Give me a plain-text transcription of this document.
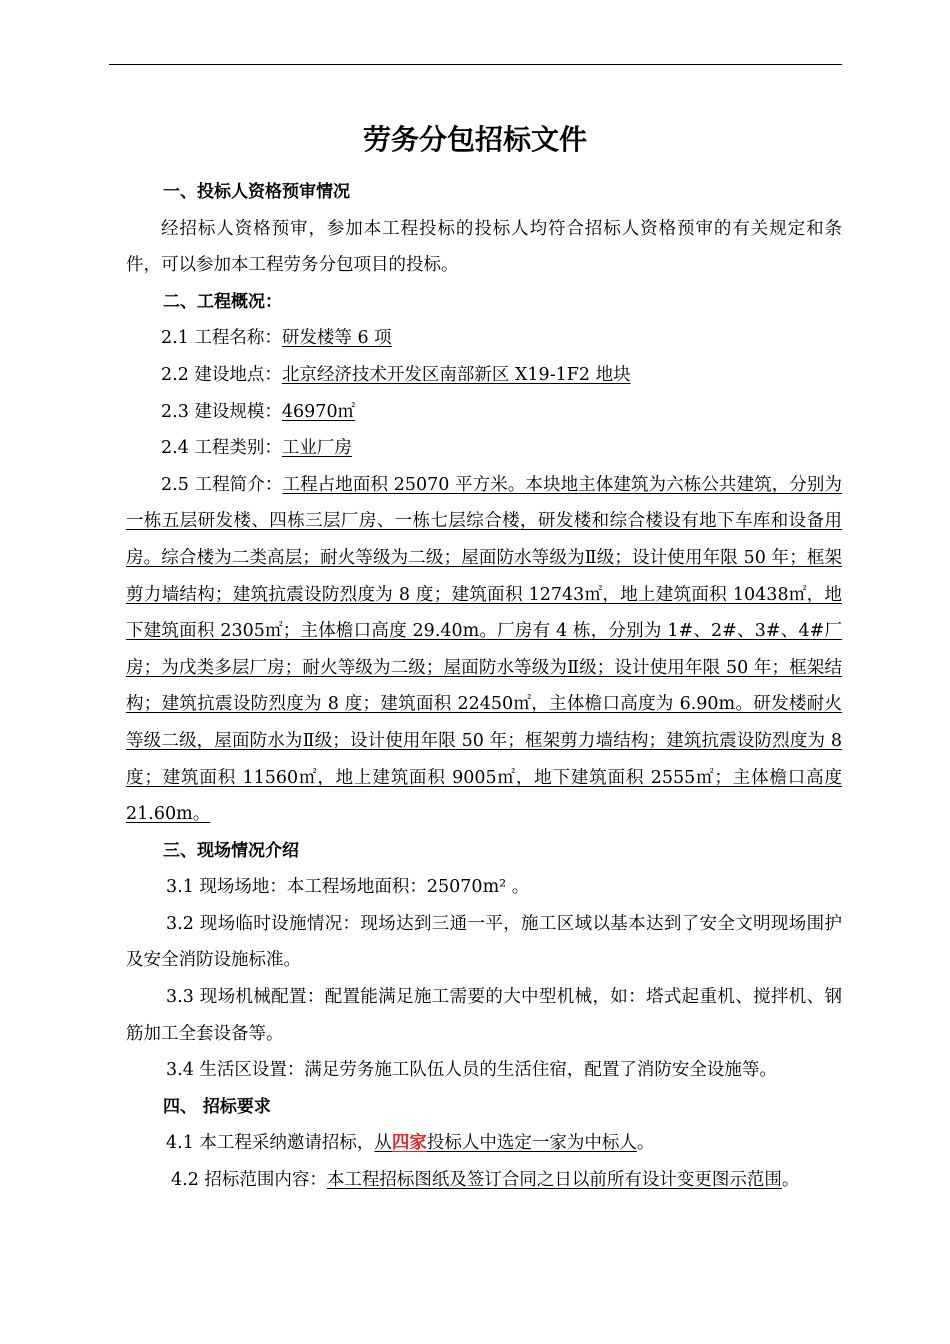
劳务分包招标文件

一、投标人资格预审情况

经招标人资格预审，参加本工程投标的投标人均符合招标人资格预审的有关规定和条件，可以参加本工程劳务分包项目的投标。

二、工程概况：

2.1 工程名称：研发楼等 6 项

2.2 建设地点：北京经济技术开发区南部新区 X19-1F2 地块

2.3 建设规模：46970㎡

2.4 工程类别：工业厂房

2.5 工程简介：工程占地面积 25070 平方米。本块地主体建筑为六栋公共建筑，分别为一栋五层研发楼、四栋三层厂房、一栋七层综合楼，研发楼和综合楼设有地下车库和设备用房。综合楼为二类高层；耐火等级为二级；屋面防水等级为Ⅱ级；设计使用年限 50 年；框架剪力墙结构；建筑抗震设防烈度为 8 度；建筑面积 12743㎡，地上建筑面积 10438㎡，地下建筑面积 2305㎡；主体檐口高度 29.40m。厂房有 4 栋，分别为 1#、2#、3#、4#厂房；为戊类多层厂房；耐火等级为二级；屋面防水等级为Ⅱ级；设计使用年限 50 年；框架结构；建筑抗震设防烈度为 8 度；建筑面积 22450㎡，主体檐口高度为 6.90m。研发楼耐火等级二级，屋面防水为Ⅱ级；设计使用年限 50 年；框架剪力墙结构；建筑抗震设防烈度为 8 度；建筑面积 11560㎡，地上建筑面积 9005㎡，地下建筑面积 2555㎡；主体檐口高度 21.60m。

三、现场情况介绍

3.1 现场场地：本工程场地面积：25070m² 。

3.2 现场临时设施情况：现场达到三通一平，施工区域以基本达到了安全文明现场围护及安全消防设施标准。

3.3 现场机械配置：配置能满足施工需要的大中型机械，如：塔式起重机、搅拌机、钢筋加工全套设备等。

3.4 生活区设置：满足劳务施工队伍人员的生活住宿，配置了消防安全设施等。

四、 招标要求

4.1 本工程采纳邀请招标，从四家投标人中选定一家为中标人。

4.2 招标范围内容：本工程招标图纸及签订合同之日以前所有设计变更图示范围。
